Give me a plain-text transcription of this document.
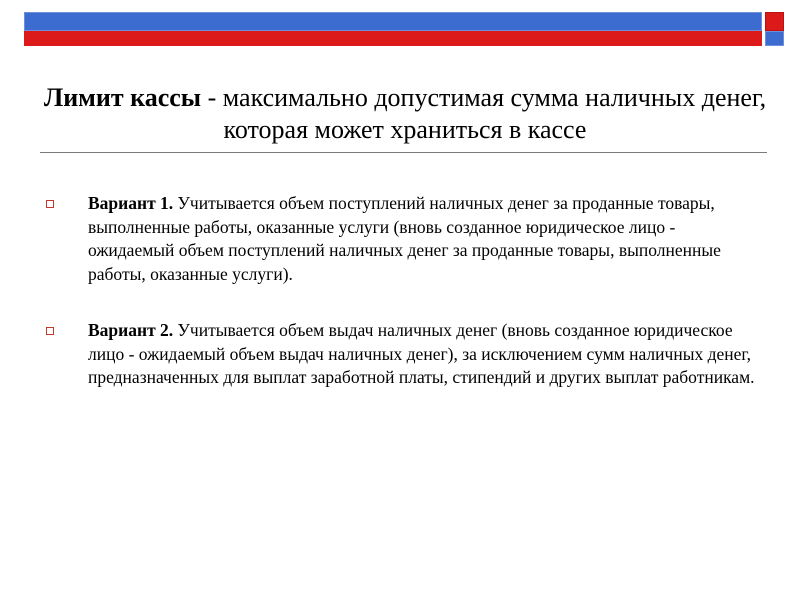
Лимит кассы - максимально допустимая сумма наличных денег, которая может храниться в кассе
Вариант 1. Учитывается объем поступлений наличных денег за проданные товары, выполненные работы, оказанные услуги (вновь созданное юридическое лицо - ожидаемый объем поступлений наличных денег за проданные товары, выполненные работы, оказанные услуги).
Вариант 2. Учитывается объем выдач наличных денег (вновь созданное юридическое лицо - ожидаемый объем выдач наличных денег), за исключением сумм наличных денег, предназначенных для выплат заработной платы, стипендий и других выплат работникам.
